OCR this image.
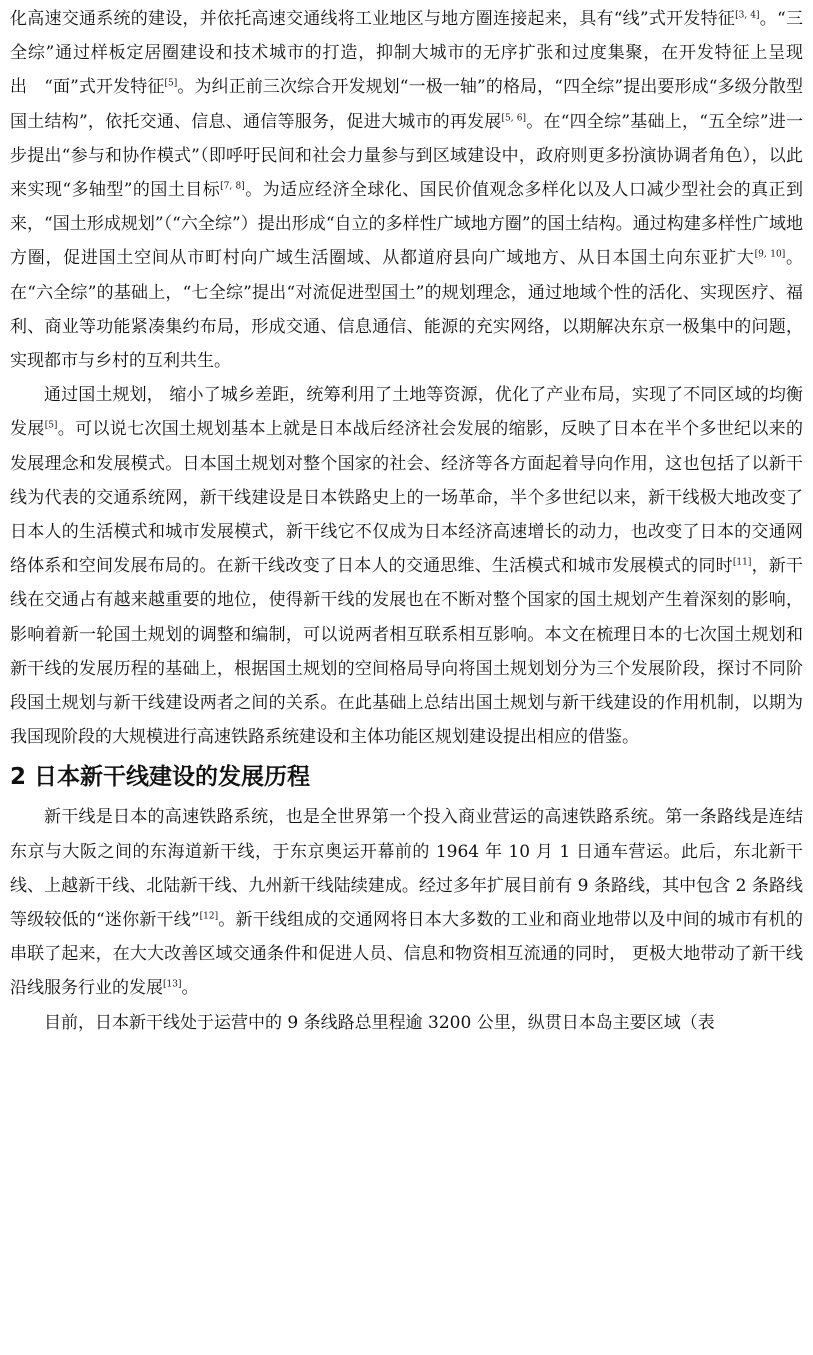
化高速交通系统的建设，并依托高速交通线将工业地区与地方圈连接起来，具有“线”式开发特征[3, 4]。“三全综”通过样板定居圈建设和技术城市的打造，抑制大城市的无序扩张和过度集聚，在开发特征上呈现出　“面”式开发特征[5]。为纠正前三次综合开发规划“一极一轴”的格局，“四全综”提出要形成“多级分散型国土结构”，依托交通、信息、通信等服务，促进大城市的再发展[5, 6]。在“四全综”基础上，“五全综”进一步提出“参与和协作模式”（即呼吁民间和社会力量参与到区域建设中，政府则更多扮演协调者角色），以此来实现“多轴型”的国土目标[7, 8]。为适应经济全球化、国民价值观念多样化以及人口减少型社会的真正到来，“国土形成规划”（“六全综”）提出形成“自立的多样性广域地方圈”的国土结构。通过构建多样性广域地方圈，促进国土空间从市町村向广域生活圈域、从都道府县向广域地方、从日本国土向东亚扩大[9, 10]。在“六全综”的基础上，“七全综”提出“对流促进型国土”的规划理念，通过地域个性的活化、实现医疗、福利、商业等功能紧凑集约布局，形成交通、信息通信、能源的充实网络，以期解决东京一极集中的问题，实现都市与乡村的互利共生。

通过国土规划， 缩小了城乡差距，统筹利用了土地等资源，优化了产业布局，实现了不同区域的均衡发展[5]。可以说七次国土规划基本上就是日本战后经济社会发展的缩影，反映了日本在半个多世纪以来的发展理念和发展模式。日本国土规划对整个国家的社会、经济等各方面起着导向作用，这也包括了以新干线为代表的交通系统网，新干线建设是日本铁路史上的一场革命，半个多世纪以来，新干线极大地改变了日本人的生活模式和城市发展模式，新干线它不仅成为日本经济高速增长的动力，也改变了日本的交通网络体系和空间发展布局的。在新干线改变了日本人的交通思维、生活模式和城市发展模式的同时[11]，新干线在交通占有越来越重要的地位，使得新干线的发展也在不断对整个国家的国土规划产生着深刻的影响，影响着新一轮国土规划的调整和编制，可以说两者相互联系相互影响。本文在梳理日本的七次国土规划和新干线的发展历程的基础上，根据国土规划的空间格局导向将国土规划划分为三个发展阶段，探讨不同阶段国土规划与新干线建设两者之间的关系。在此基础上总结出国土规划与新干线建设的作用机制，以期为我国现阶段的大规模进行高速铁路系统建设和主体功能区规划建设提出相应的借鉴。

2 日本新干线建设的发展历程

新干线是日本的高速铁路系统，也是全世界第一个投入商业营运的高速铁路系统。第一条路线是连结东京与大阪之间的东海道新干线，于东京奥运开幕前的 1964 年 10 月 1 日通车营运。此后，东北新干线、上越新干线、北陆新干线、九州新干线陆续建成。经过多年扩展目前有 9 条路线，其中包含 2 条路线等级较低的“迷你新干线”[12]。新干线组成的交通网将日本大多数的工业和商业地带以及中间的城市有机的串联了起来，在大大改善区域交通条件和促进人员、信息和物资相互流通的同时， 更极大地带动了新干线沿线服务行业的发展[13]。

目前，日本新干线处于运营中的 9 条线路总里程逾 3200 公里，纵贯日本岛主要区域（表
